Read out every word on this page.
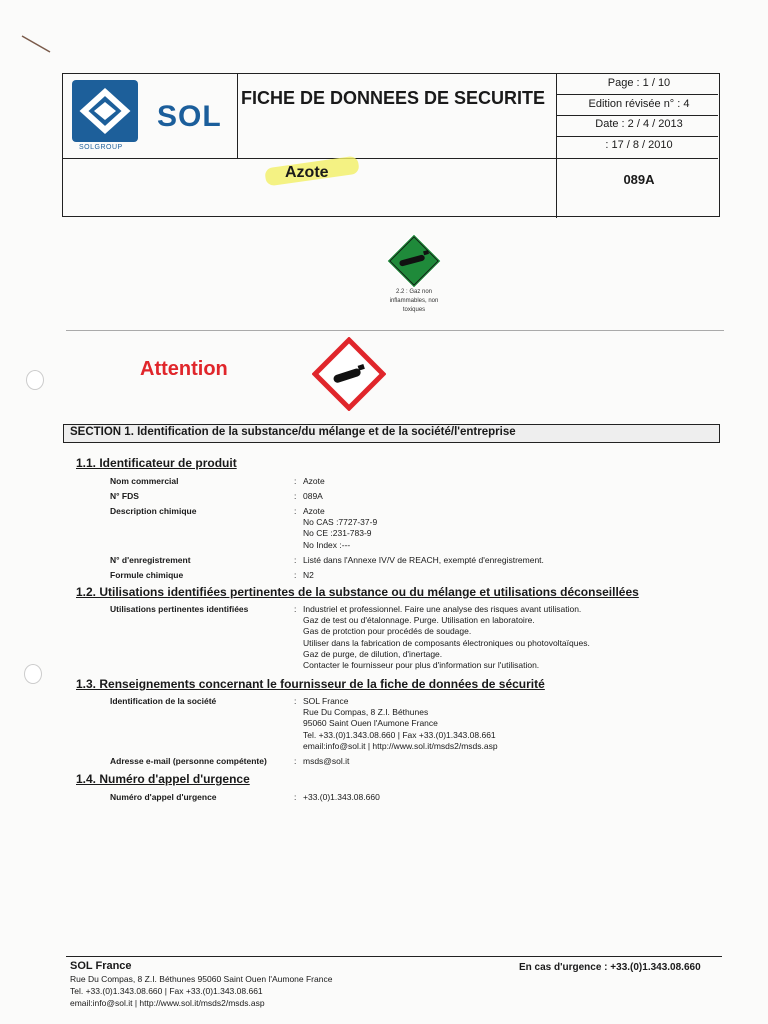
SOL
SOLGROUP
FICHE DE DONNEES DE SECURITE
Page : 1 / 10
Edition révisée n° : 4
Date : 2 / 4 / 2013
: 17 / 8 / 2010
Azote	089A
2.2 : Gaz non
inflammables, non
toxiques
Attention
SECTION 1. Identification de la substance/du mélange et de la société/l'entreprise
1.1. Identificateur de produit
Nom commercial	: Azote
N° FDS	: 089A
Description chimique	: Azote
No CAS :7727-37-9
No CE :231-783-9
No Index :---
N° d'enregistrement	: Listé dans l'Annexe IV/V de REACH, exempté d'enregistrement.
Formule chimique	: N2
1.2. Utilisations identifiées pertinentes de la substance ou du mélange et utilisations déconseillées
Utilisations pertinentes identifiées	: Industriel et professionnel. Faire une analyse des risques avant utilisation.
Gaz de test ou d'étalonnage. Purge. Utilisation en laboratoire.
Gas de protction pour procédés de soudage.
Utiliser dans la fabrication de composants électroniques ou photovoltaïques.
Gaz de purge, de dilution, d'inertage.
Contacter le fournisseur pour plus d'information sur l'utilisation.
1.3. Renseignements concernant le fournisseur de la fiche de données de sécurité
Identification de la société	: SOL France
Rue Du Compas, 8 Z.I. Béthunes
95060 Saint Ouen l'Aumone France
Tel. +33.(0)1.343.08.660 | Fax +33.(0)1.343.08.661
email:info@sol.it | http://www.sol.it/msds2/msds.asp
Adresse e-mail (personne compétente)	: msds@sol.it
1.4. Numéro d'appel d'urgence
Numéro d'appel d'urgence	: +33.(0)1.343.08.660
SOL France
Rue Du Compas, 8 Z.I. Béthunes 95060 Saint Ouen l'Aumone France
Tel. +33.(0)1.343.08.660 | Fax +33.(0)1.343.08.661
email:info@sol.it | http://www.sol.it/msds2/msds.asp
En cas d'urgence : +33.(0)1.343.08.660
